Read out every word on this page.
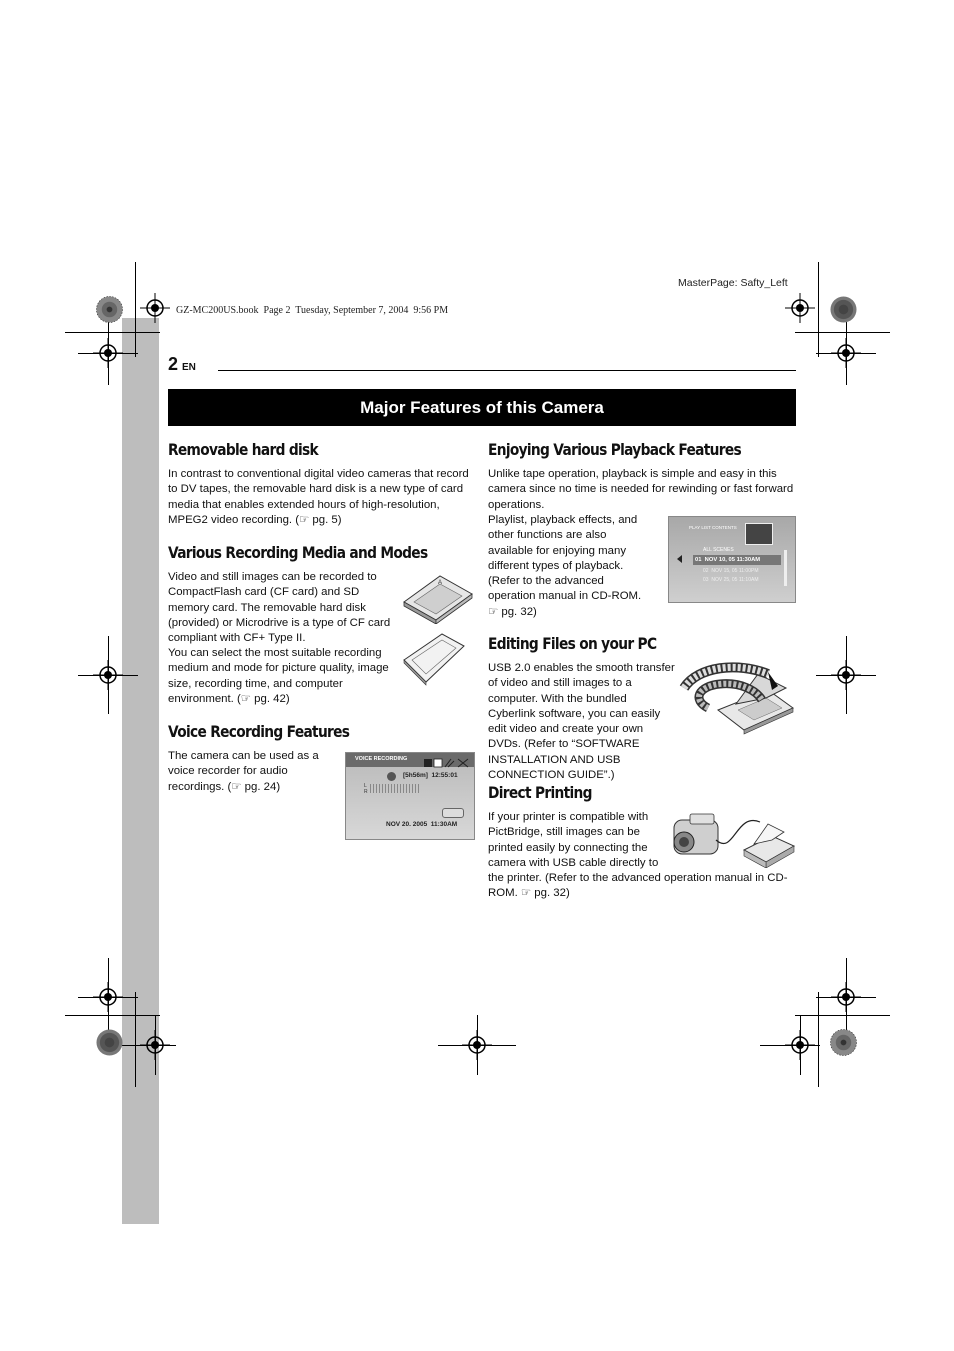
GZ-MC200US.book  Page 2  Tuesday, September 7, 2004  9:56 PM
MasterPage: Safty_Left
2 EN
Major Features of this Camera
Removable hard disk

In contrast to conventional digital video cameras that record to DV tapes, the removable hard disk is a new type of card media that enables extended hours of high-resolution, MPEG2 video recording. (☞ pg. 5)

Various Recording Media and Modes

Video and still images can be recorded to CompactFlash card (CF card) and SD memory card. The removable hard disk (provided) or Microdrive is a type of CF card compliant with CF+ Type II.

You can select the most suitable recording medium and mode for picture quality, image size, recording time, and computer environment. (☞ pg. 42)

A
Voice Recording Features

The camera can be used as a voice recorder for audio recordings. (☞ pg. 24)

VOICE RECORDING
[5h56m]  12:55:01
L
R
NOV 20. 2005  11:30AM
Enjoying Various Playback Features

Unlike tape operation, playback is simple and easy in this camera since no time is needed for rewinding or fast forward operations.

Playlist, playback effects, and other functions are also available for enjoying many different types of playback. (Refer to the advanced operation manual in CD-ROM. ☞ pg. 32)

PLAY LIST CONTENTS
ALL SCENES
01  NOV 10, 05 11:30AM
02  NOV 15, 05 11:00PM
03  NOV 25, 05 11:10AM
Editing Files on your PC

USB 2.0 enables the smooth transfer of video and still images to a computer. With the bundled Cyberlink software, you can easily edit video and create your own DVDs. (Refer to “SOFTWARE INSTALLATION AND USB CONNECTION GUIDE”.)

Direct Printing

If your printer is compatible with PictBridge, still images can be printed easily by connecting the camera with USB cable directly to the printer. (Refer to the advanced operation manual in CD-ROM. ☞ pg. 32)
